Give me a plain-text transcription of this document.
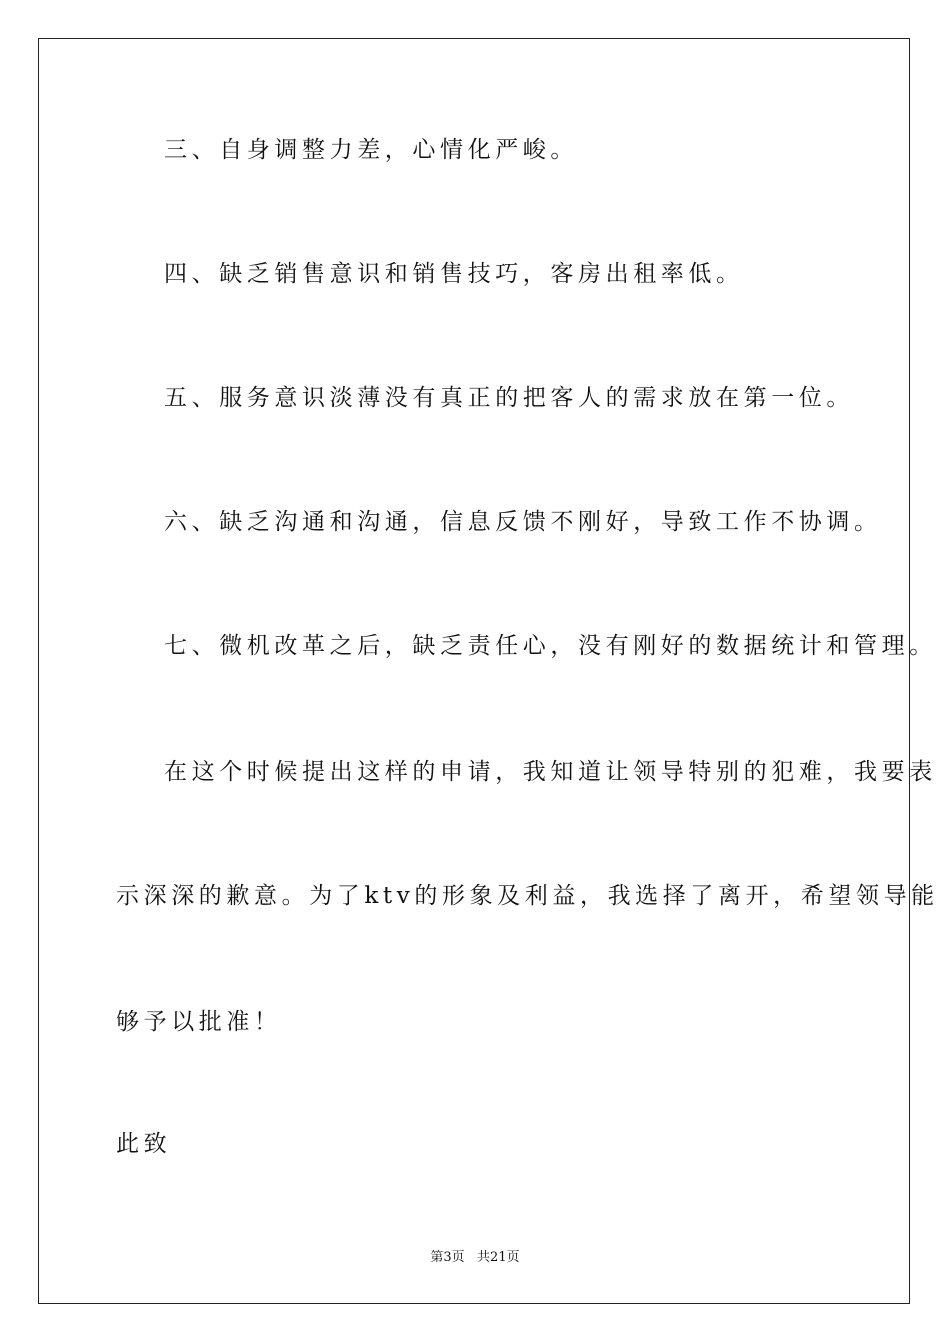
三、自身调整力差，心情化严峻。
四、缺乏销售意识和销售技巧，客房出租率低。
五、服务意识淡薄没有真正的把客人的需求放在第一位。
六、缺乏沟通和沟通，信息反馈不刚好，导致工作不协调。
七、微机改革之后，缺乏责任心，没有刚好的数据统计和管理。
在这个时候提出这样的申请，我知道让领导特别的犯难，我要表
示深深的歉意。为了ktv的形象及利益，我选择了离开，希望领导能
够予以批准！
此致
第3页   共21页
